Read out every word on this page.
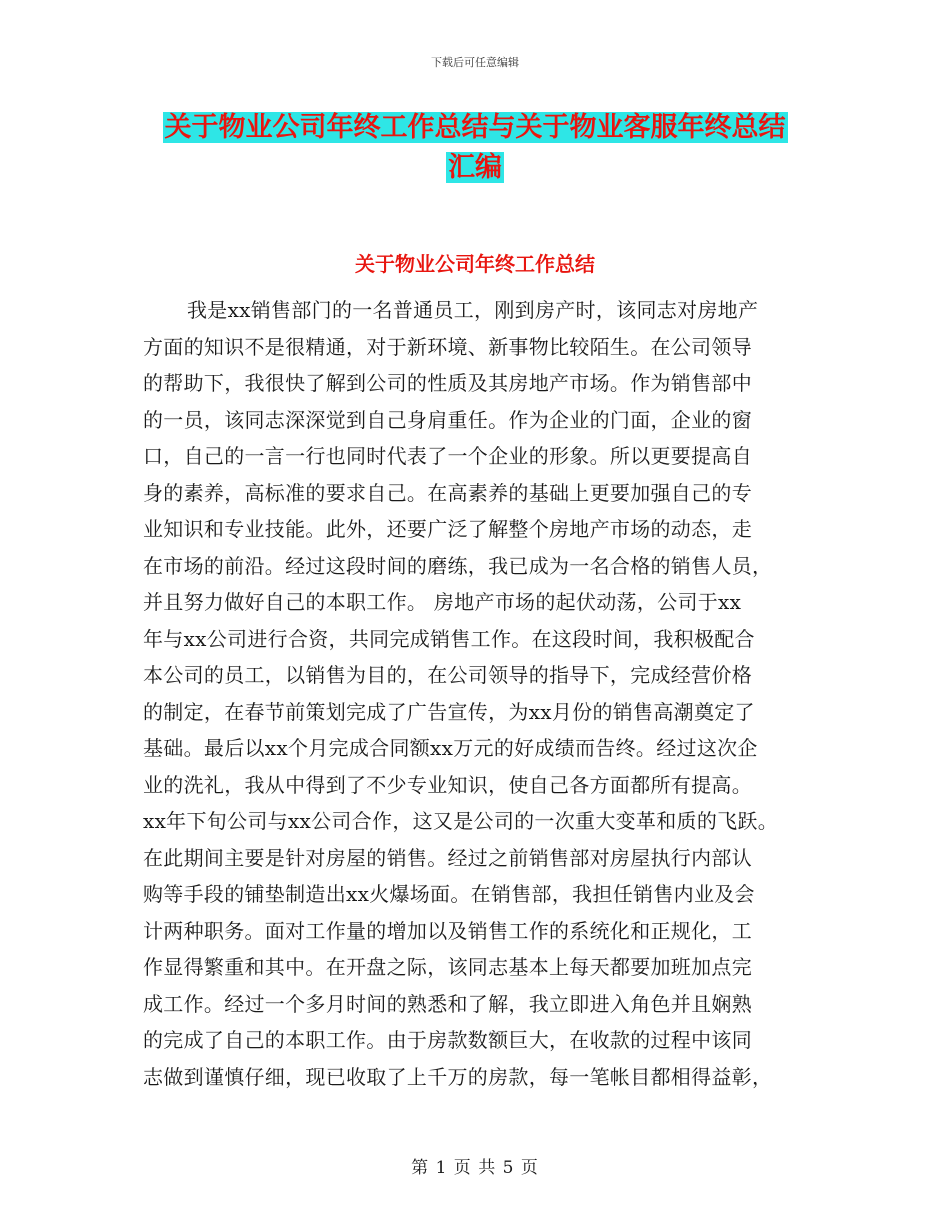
下载后可任意编辑
关于物业公司年终工作总结与关于物业客服年终总结
汇编
关于物业公司年终工作总结
我是xx销售部门的一名普通员工，刚到房产时，该同志对房地产
方面的知识不是很精通，对于新环境、新事物比较陌生。在公司领导
的帮助下，我很快了解到公司的性质及其房地产市场。作为销售部中
的一员，该同志深深觉到自己身肩重任。作为企业的门面，企业的窗
口，自己的一言一行也同时代表了一个企业的形象。所以更要提高自
身的素养，高标准的要求自己。在高素养的基础上更要加强自己的专
业知识和专业技能。此外，还要广泛了解整个房地产市场的动态，走
在市场的前沿。经过这段时间的磨练，我已成为一名合格的销售人员，
并且努力做好自己的本职工作。 房地产市场的起伏动荡，公司于xx
年与xx公司进行合资，共同完成销售工作。在这段时间，我积极配合
本公司的员工，以销售为目的，在公司领导的指导下，完成经营价格
的制定，在春节前策划完成了广告宣传，为xx月份的销售高潮奠定了
基础。最后以xx个月完成合同额xx万元的好成绩而告终。经过这次企
业的洗礼，我从中得到了不少专业知识，使自己各方面都所有提高。
xx年下旬公司与xx公司合作，这又是公司的一次重大变革和质的飞跃。
在此期间主要是针对房屋的销售。经过之前销售部对房屋执行内部认
购等手段的铺垫制造出xx火爆场面。在销售部，我担任销售内业及会
计两种职务。面对工作量的增加以及销售工作的系统化和正规化，工
作显得繁重和其中。在开盘之际，该同志基本上每天都要加班加点完
成工作。经过一个多月时间的熟悉和了解，我立即进入角色并且娴熟
的完成了自己的本职工作。由于房款数额巨大，在收款的过程中该同
志做到谨慎仔细，现已收取了上千万的房款，每一笔帐目都相得益彰，
第 1 页 共 5 页
